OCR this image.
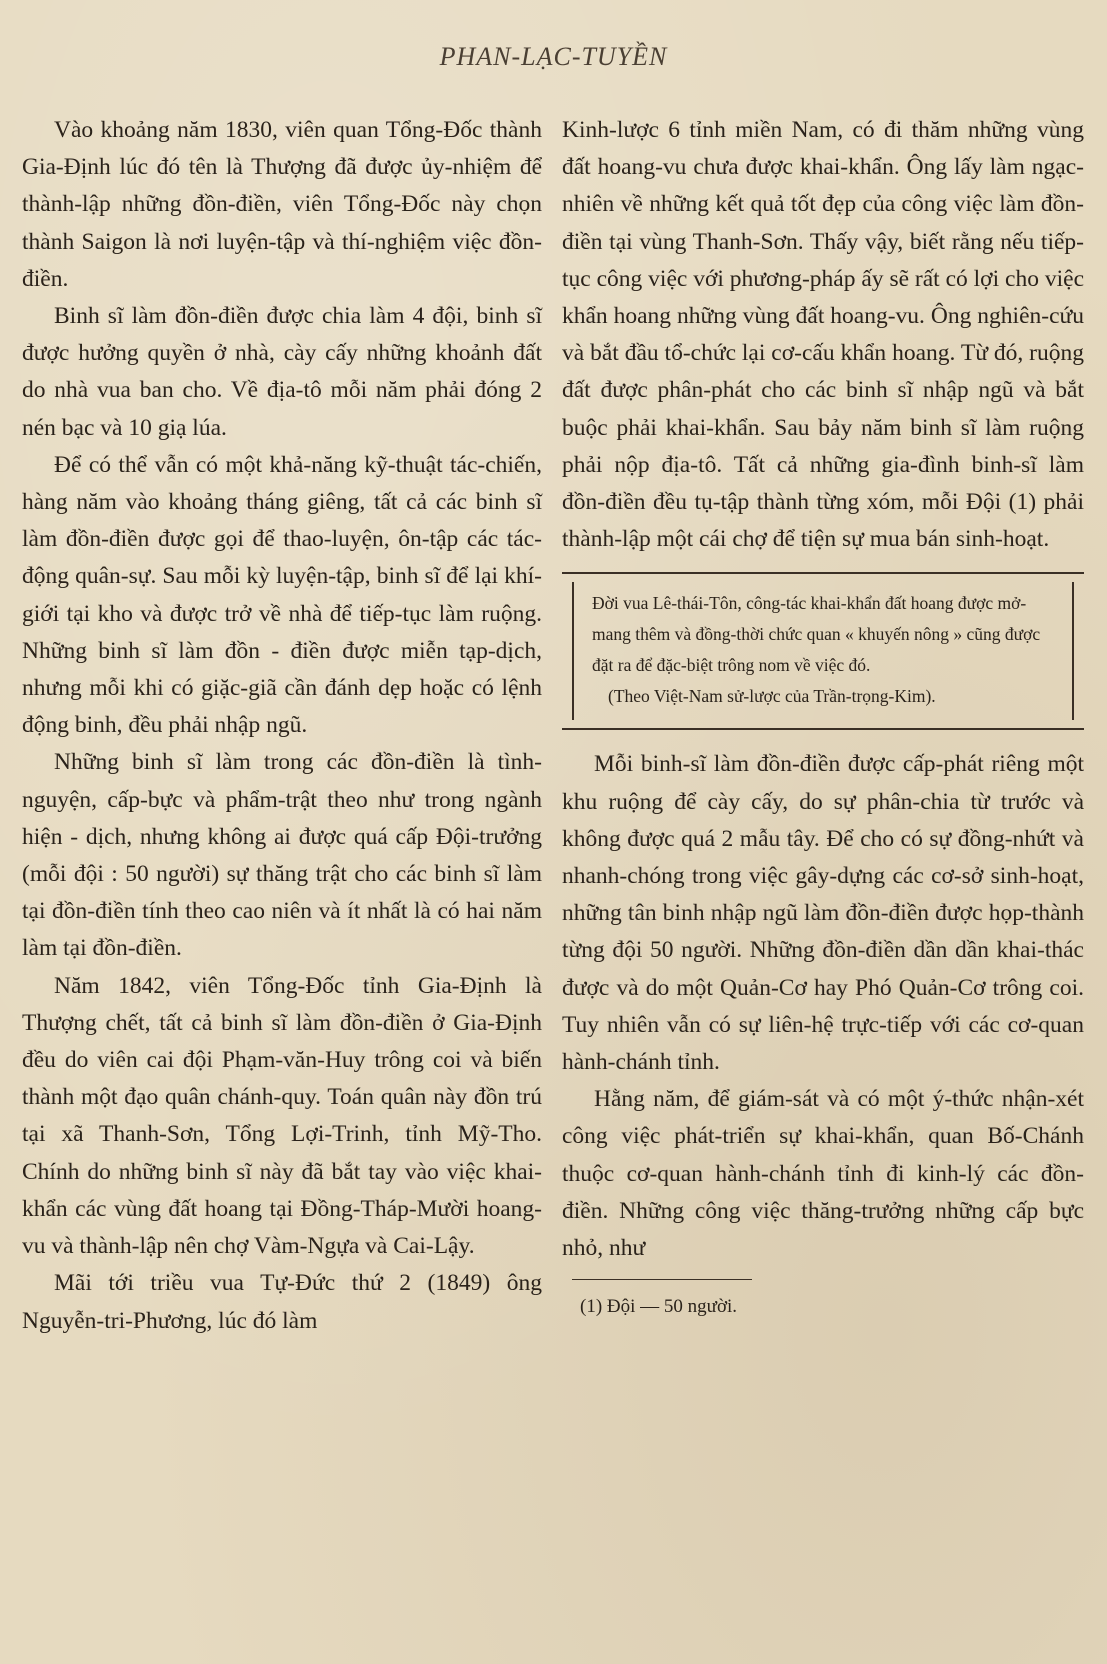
PHAN-LẠC-TUYỀN

Vào khoảng năm 1830, viên quan Tổng-Đốc thành Gia-Định lúc đó tên là Thượng đã được ủy-nhiệm để thành-lập những đồn-điền, viên Tổng-Đốc này chọn thành Saigon là nơi luyện-tập và thí-nghiệm việc đồn-điền.

Binh sĩ làm đồn-điền được chia làm 4 đội, binh sĩ được hưởng quyền ở nhà, cày cấy những khoảnh đất do nhà vua ban cho. Về địa-tô mỗi năm phải đóng 2 nén bạc và 10 giạ lúa.

Để có thể vẫn có một khả-năng kỹ-thuật tác-chiến, hàng năm vào khoảng tháng giêng, tất cả các binh sĩ làm đồn-điền được gọi để thao-luyện, ôn-tập các tác-động quân-sự. Sau mỗi kỳ luyện-tập, binh sĩ để lại khí-giới tại kho và được trở về nhà để tiếp-tục làm ruộng. Những binh sĩ làm đồn - điền được miễn tạp-dịch, nhưng mỗi khi có giặc-giã cần đánh dẹp hoặc có lệnh động binh, đều phải nhập ngũ.

Những binh sĩ làm trong các đồn-điền là tình-nguyện, cấp-bực và phẩm-trật theo như trong ngành hiện - dịch, nhưng không ai được quá cấp Đội-trưởng (mỗi đội : 50 người) sự thăng trật cho các binh sĩ làm tại đồn-điền tính theo cao niên và ít nhất là có hai năm làm tại đồn-điền.

Năm 1842, viên Tổng-Đốc tỉnh Gia-Định là Thượng chết, tất cả binh sĩ làm đồn-điền ở Gia-Định đều do viên cai đội Phạm-văn-Huy trông coi và biến thành một đạo quân chánh-quy. Toán quân này đồn trú tại xã Thanh-Sơn, Tổng Lợi-Trinh, tỉnh Mỹ-Tho. Chính do những binh sĩ này đã bắt tay vào việc khai-khẩn các vùng đất hoang tại Đồng-Tháp-Mười hoang-vu và thành-lập nên chợ Vàm-Ngựa và Cai-Lậy.

Mãi tới triều vua Tự-Đức thứ 2 (1849) ông Nguyễn-tri-Phương, lúc đó làm

Kinh-lược 6 tỉnh miền Nam, có đi thăm những vùng đất hoang-vu chưa được khai-khẩn. Ông lấy làm ngạc-nhiên về những kết quả tốt đẹp của công việc làm đồn-điền tại vùng Thanh-Sơn. Thấy vậy, biết rằng nếu tiếp-tục công việc với phương-pháp ấy sẽ rất có lợi cho việc khẩn hoang những vùng đất hoang-vu. Ông nghiên-cứu và bắt đầu tổ-chức lại cơ-cấu khẩn hoang. Từ đó, ruộng đất được phân-phát cho các binh sĩ nhập ngũ và bắt buộc phải khai-khẩn. Sau bảy năm binh sĩ làm ruộng phải nộp địa-tô. Tất cả những gia-đình binh-sĩ làm đồn-điền đều tụ-tập thành từng xóm, mỗi Đội (1) phải thành-lập một cái chợ để tiện sự mua bán sinh-hoạt.

Đời vua Lê-thái-Tôn, công-tác khai-khẩn đất hoang được mở-mang thêm và đồng-thời chức quan « khuyến nông » cũng được đặt ra để đặc-biệt trông nom về việc đó.

(Theo Việt-Nam sử-lược của Trần-trọng-Kim).

Mỗi binh-sĩ làm đồn-điền được cấp-phát riêng một khu ruộng để cày cấy, do sự phân-chia từ trước và không được quá 2 mẫu tây. Để cho có sự đồng-nhứt và nhanh-chóng trong việc gây-dựng các cơ-sở sinh-hoạt, những tân binh nhập ngũ làm đồn-điền được họp-thành từng đội 50 người. Những đồn-điền dần dần khai-thác được và do một Quản-Cơ hay Phó Quản-Cơ trông coi. Tuy nhiên vẫn có sự liên-hệ trực-tiếp với các cơ-quan hành-chánh tỉnh.

Hằng năm, để giám-sát và có một ý-thức nhận-xét công việc phát-triển sự khai-khẩn, quan Bố-Chánh thuộc cơ-quan hành-chánh tỉnh đi kinh-lý các đồn-điền. Những công việc thăng-trưởng những cấp bực nhỏ, như

(1) Đội — 50 người.
